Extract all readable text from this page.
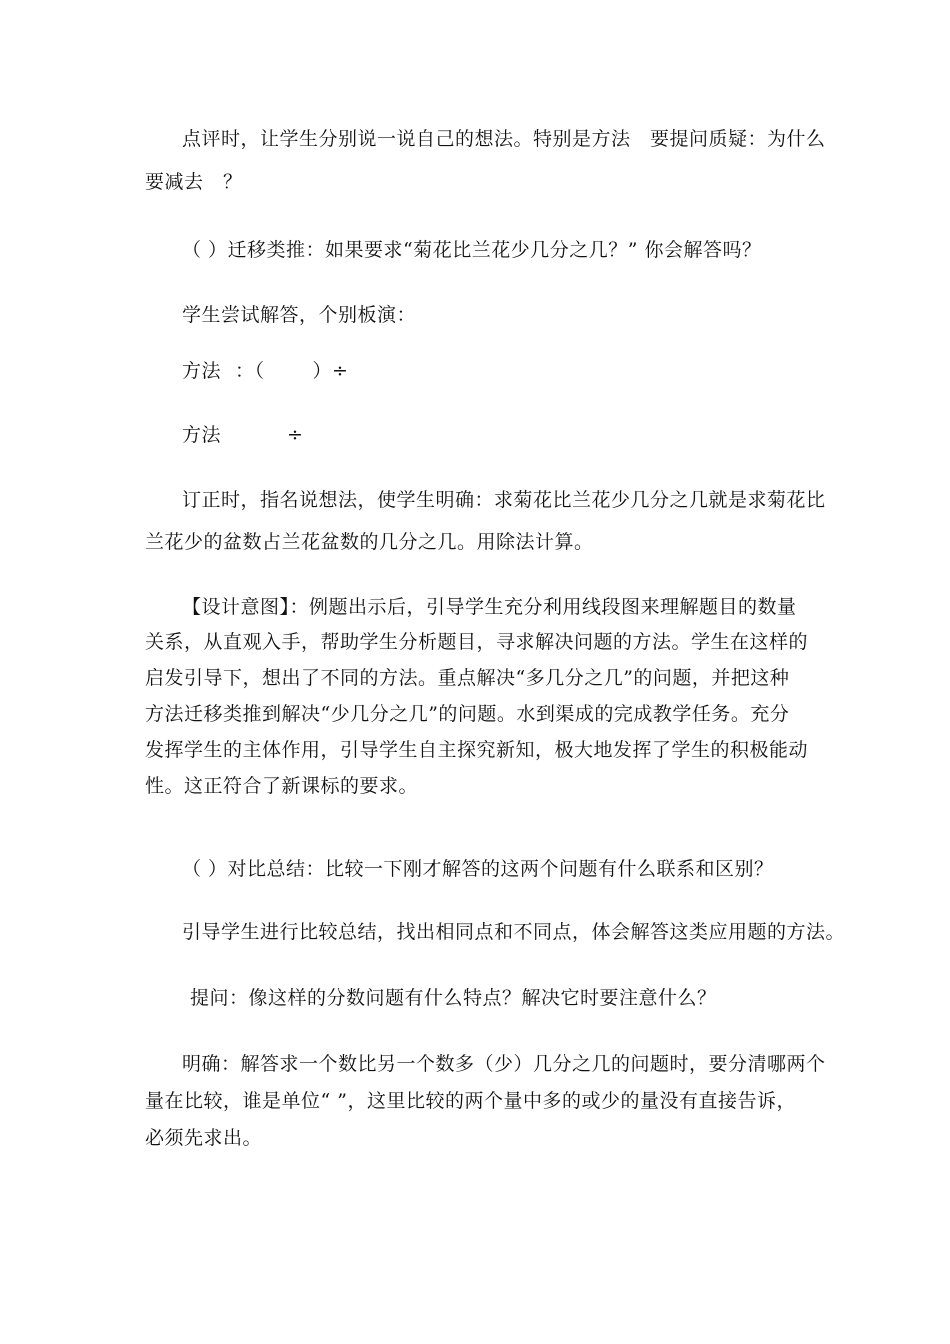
点评时，让学生分别说一说自己的想法。特别是方法　要提问质疑：为什么
要减去　？
（ ）迁移类推：如果要求“菊花比兰花少几分之几？” 你会解答吗？
学生尝试解答，个别板演：
方法 ：（	）÷
方法	÷
订正时，指名说想法，使学生明确：求菊花比兰花少几分之几就是求菊花比
兰花少的盆数占兰花盆数的几分之几。用除法计算。
【设计意图】：例题出示后，引导学生充分利用线段图来理解题目的数量
关系，从直观入手，帮助学生分析题目，寻求解决问题的方法。学生在这样的
启发引导下，想出了不同的方法。重点解决“多几分之几”的问题，并把这种
方法迁移类推到解决“少几分之几”的问题。水到渠成的完成教学任务。充分
发挥学生的主体作用，引导学生自主探究新知，极大地发挥了学生的积极能动
性。这正符合了新课标的要求。
（ ）对比总结：比较一下刚才解答的这两个问题有什么联系和区别？
引导学生进行比较总结，找出相同点和不同点，体会解答这类应用题的方法。
提问：像这样的分数问题有什么特点？解决它时要注意什么？
明确：解答求一个数比另一个数多（少）几分之几的问题时，要分清哪两个
量在比较，谁是单位“ ”，这里比较的两个量中多的或少的量没有直接告诉，
必须先求出。
